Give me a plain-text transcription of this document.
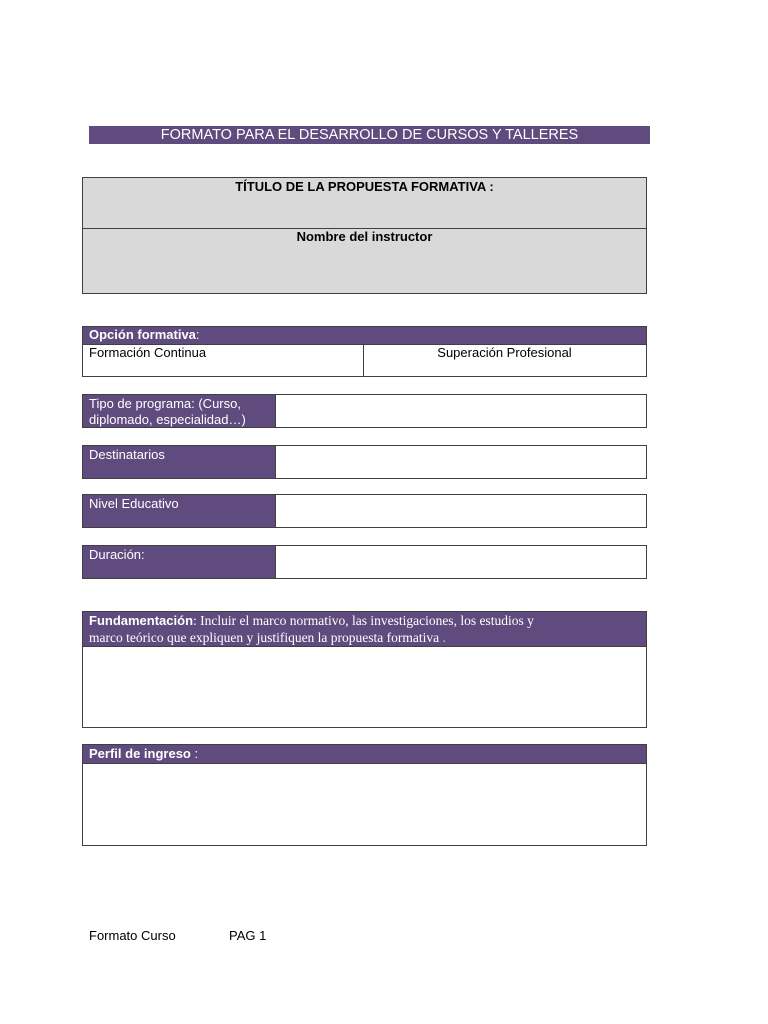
FORMATO PARA EL DESARROLLO DE CURSOS Y TALLERES
TÍTULO DE LA PROPUESTA FORMATIVA :
Nombre del instructor
Opción formativa:
Formación Continua	Superación Profesional
Tipo de programa: (Curso,
diplomado, especialidad…)
Destinatarios
Nivel Educativo
Duración:
Fundamentación: Incluir el marco normativo, las investigaciones, los estudios y
marco teórico que expliquen y justifiquen la propuesta formativa .
Perfil de ingreso :
Formato Curso	PAG 1
